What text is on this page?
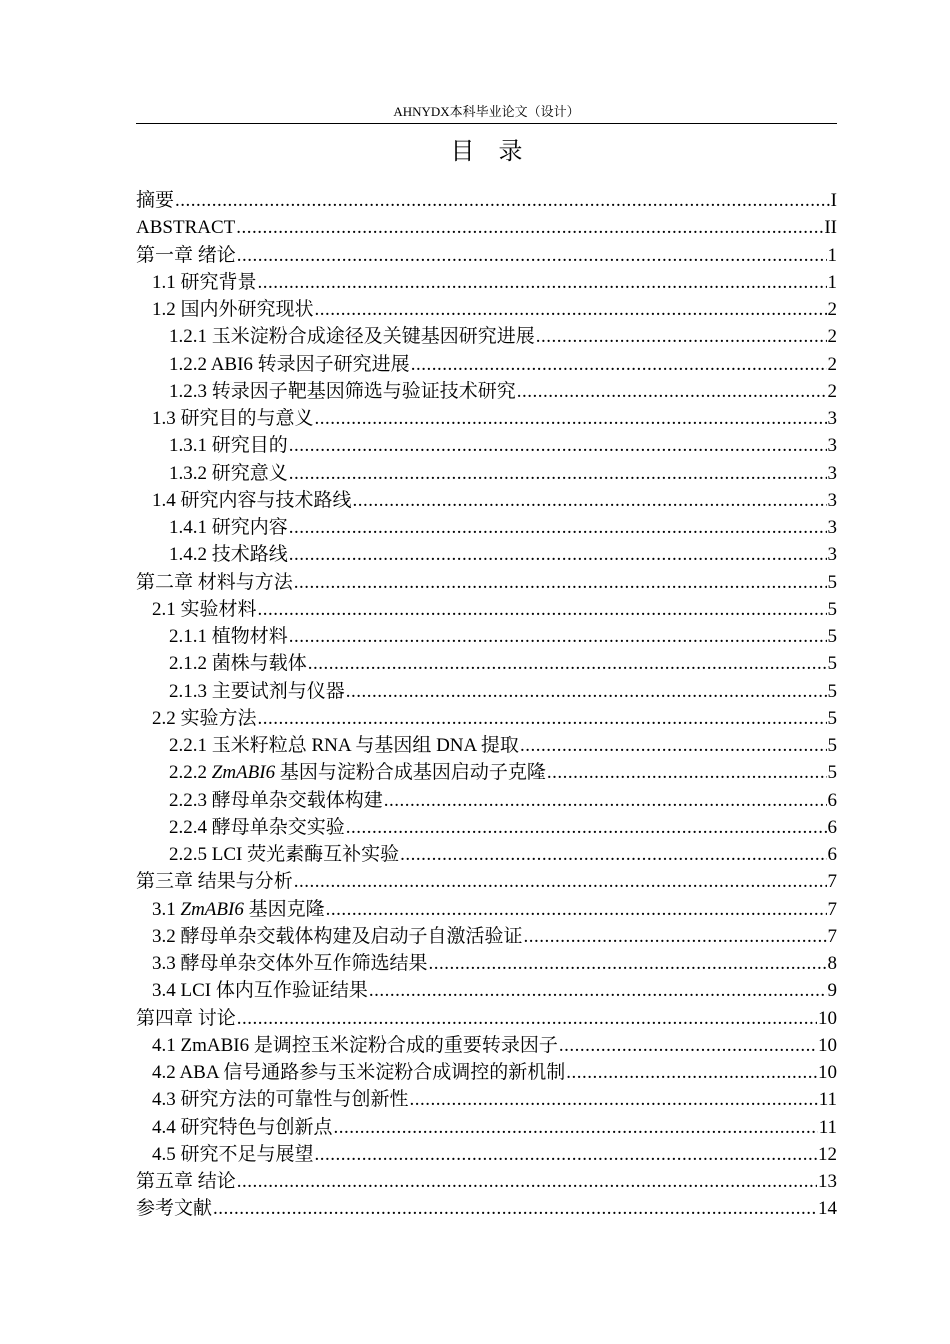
AHNYDX本科毕业论文（设计）
目录
摘要 .....	I
ABSTRACT .....	II
第一章 绪论 .....	1
1.1 研究背景 .....	1
1.2 国内外研究现状 .....	2
1.2.1 玉米淀粉合成途径及关键基因研究进展 .....	2
1.2.2 ABI6 转录因子研究进展 .....	2
1.2.3 转录因子靶基因筛选与验证技术研究 .....	2
1.3 研究目的与意义 .....	3
1.3.1 研究目的 .....	3
1.3.2 研究意义 .....	3
1.4 研究内容与技术路线 .....	3
1.4.1 研究内容 .....	3
1.4.2 技术路线 .....	3
第二章 材料与方法 .....	5
2.1 实验材料 .....	5
2.1.1 植物材料 .....	5
2.1.2 菌株与载体 .....	5
2.1.3 主要试剂与仪器 .....	5
2.2 实验方法 .....	5
2.2.1 玉米籽粒总 RNA 与基因组 DNA 提取 .....	5
2.2.2 ZmABI6 基因与淀粉合成基因启动子克隆 .....	5
2.2.3 酵母单杂交载体构建 .....	6
2.2.4 酵母单杂交实验 .....	6
2.2.5 LCI 荧光素酶互补实验 .....	6
第三章 结果与分析 .....	7
3.1 ZmABI6 基因克隆 .....	7
3.2 酵母单杂交载体构建及启动子自激活验证 .....	7
3.3 酵母单杂交体外互作筛选结果 .....	8
3.4 LCI 体内互作验证结果 .....	9
第四章 讨论 .....	10
4.1 ZmABI6 是调控玉米淀粉合成的重要转录因子 .....	10
4.2 ABA 信号通路参与玉米淀粉合成调控的新机制 .....	10
4.3 研究方法的可靠性与创新性 .....	11
4.4 研究特色与创新点 .....	11
4.5 研究不足与展望 .....	12
第五章 结论 .....	13
参考文献 .....	14
